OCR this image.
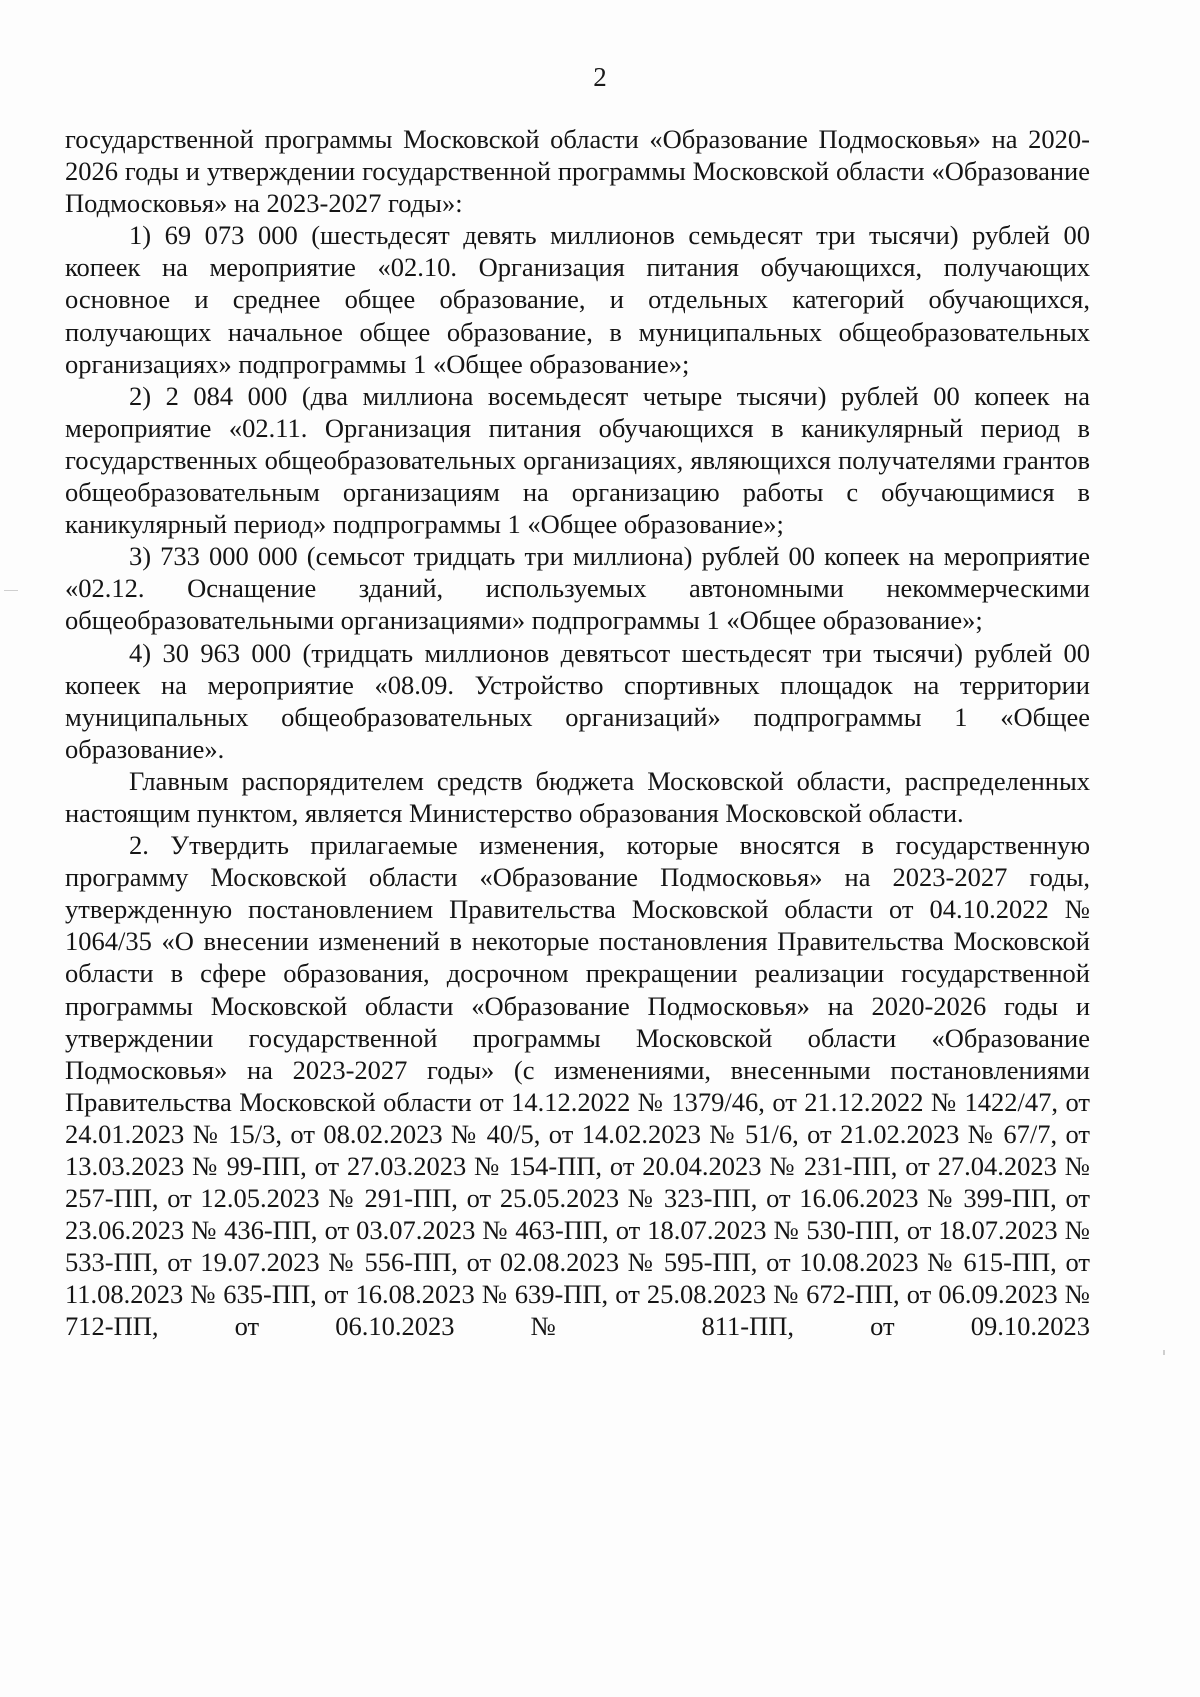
2

государственной программы Московской области «Образование Подмосковья» на 2020-2026 годы и утверждении государственной программы Московской области «Образование Подмосковья» на 2023-2027 годы»:

1) 69 073 000 (шестьдесят девять миллионов семьдесят три тысячи) рублей 00 копеек на мероприятие «02.10. Организация питания обучающихся, получающих основное и среднее общее образование, и отдельных категорий обучающихся, получающих начальное общее образование, в муниципальных общеобразовательных организациях» подпрограммы 1 «Общее образование»;

2) 2 084 000 (два миллиона восемьдесят четыре тысячи) рублей 00 копеек на мероприятие «02.11. Организация питания обучающихся в каникулярный период в государственных общеобразовательных организациях, являющихся получателями грантов общеобразовательным организациям на организацию работы с обучающимися в каникулярный период» подпрограммы 1 «Общее образование»;

3) 733 000 000 (семьсот тридцать три миллиона) рублей 00 копеек на мероприятие «02.12. Оснащение зданий, используемых автономными некоммерческими общеобразовательными организациями» подпрограммы 1 «Общее образование»;

4) 30 963 000 (тридцать миллионов девятьсот шестьдесят три тысячи) рублей 00 копеек на мероприятие «08.09. Устройство спортивных площадок на территории муниципальных общеобразовательных организаций» подпрограммы 1 «Общее образование».

Главным распорядителем средств бюджета Московской области, распределенных настоящим пунктом, является Министерство образования Московской области.

2. Утвердить прилагаемые изменения, которые вносятся в государственную программу Московской области «Образование Подмосковья» на 2023-2027 годы, утвержденную постановлением Правительства Московской области от 04.10.2022 № 1064/35 «О внесении изменений в некоторые постановления Правительства Московской области в сфере образования, досрочном прекращении реализации государственной программы Московской области «Образование Подмосковья» на 2020-2026 годы и утверждении государственной программы Московской области «Образование Подмосковья» на 2023-2027 годы» (с изменениями, внесенными постановлениями Правительства Московской области от 14.12.2022 № 1379/46, от 21.12.2022 № 1422/47, от 24.01.2023 № 15/3, от 08.02.2023 № 40/5, от 14.02.2023 № 51/6, от 21.02.2023 № 67/7, от 13.03.2023 № 99-ПП, от 27.03.2023 № 154-ПП, от 20.04.2023 № 231-ПП, от 27.04.2023 № 257-ПП, от 12.05.2023 № 291-ПП, от 25.05.2023 № 323-ПП, от 16.06.2023 № 399-ПП, от 23.06.2023 № 436-ПП, от 03.07.2023 № 463-ПП, от 18.07.2023 № 530-ПП, от 18.07.2023 № 533-ПП, от 19.07.2023 № 556-ПП, от 02.08.2023 № 595-ПП, от 10.08.2023 № 615-ПП, от 11.08.2023 № 635-ПП, от 16.08.2023 № 639-ПП, от 25.08.2023 № 672-ПП, от 06.09.2023 № 712-ПП, от 06.10.2023 № 811-ПП, от 09.10.2023
